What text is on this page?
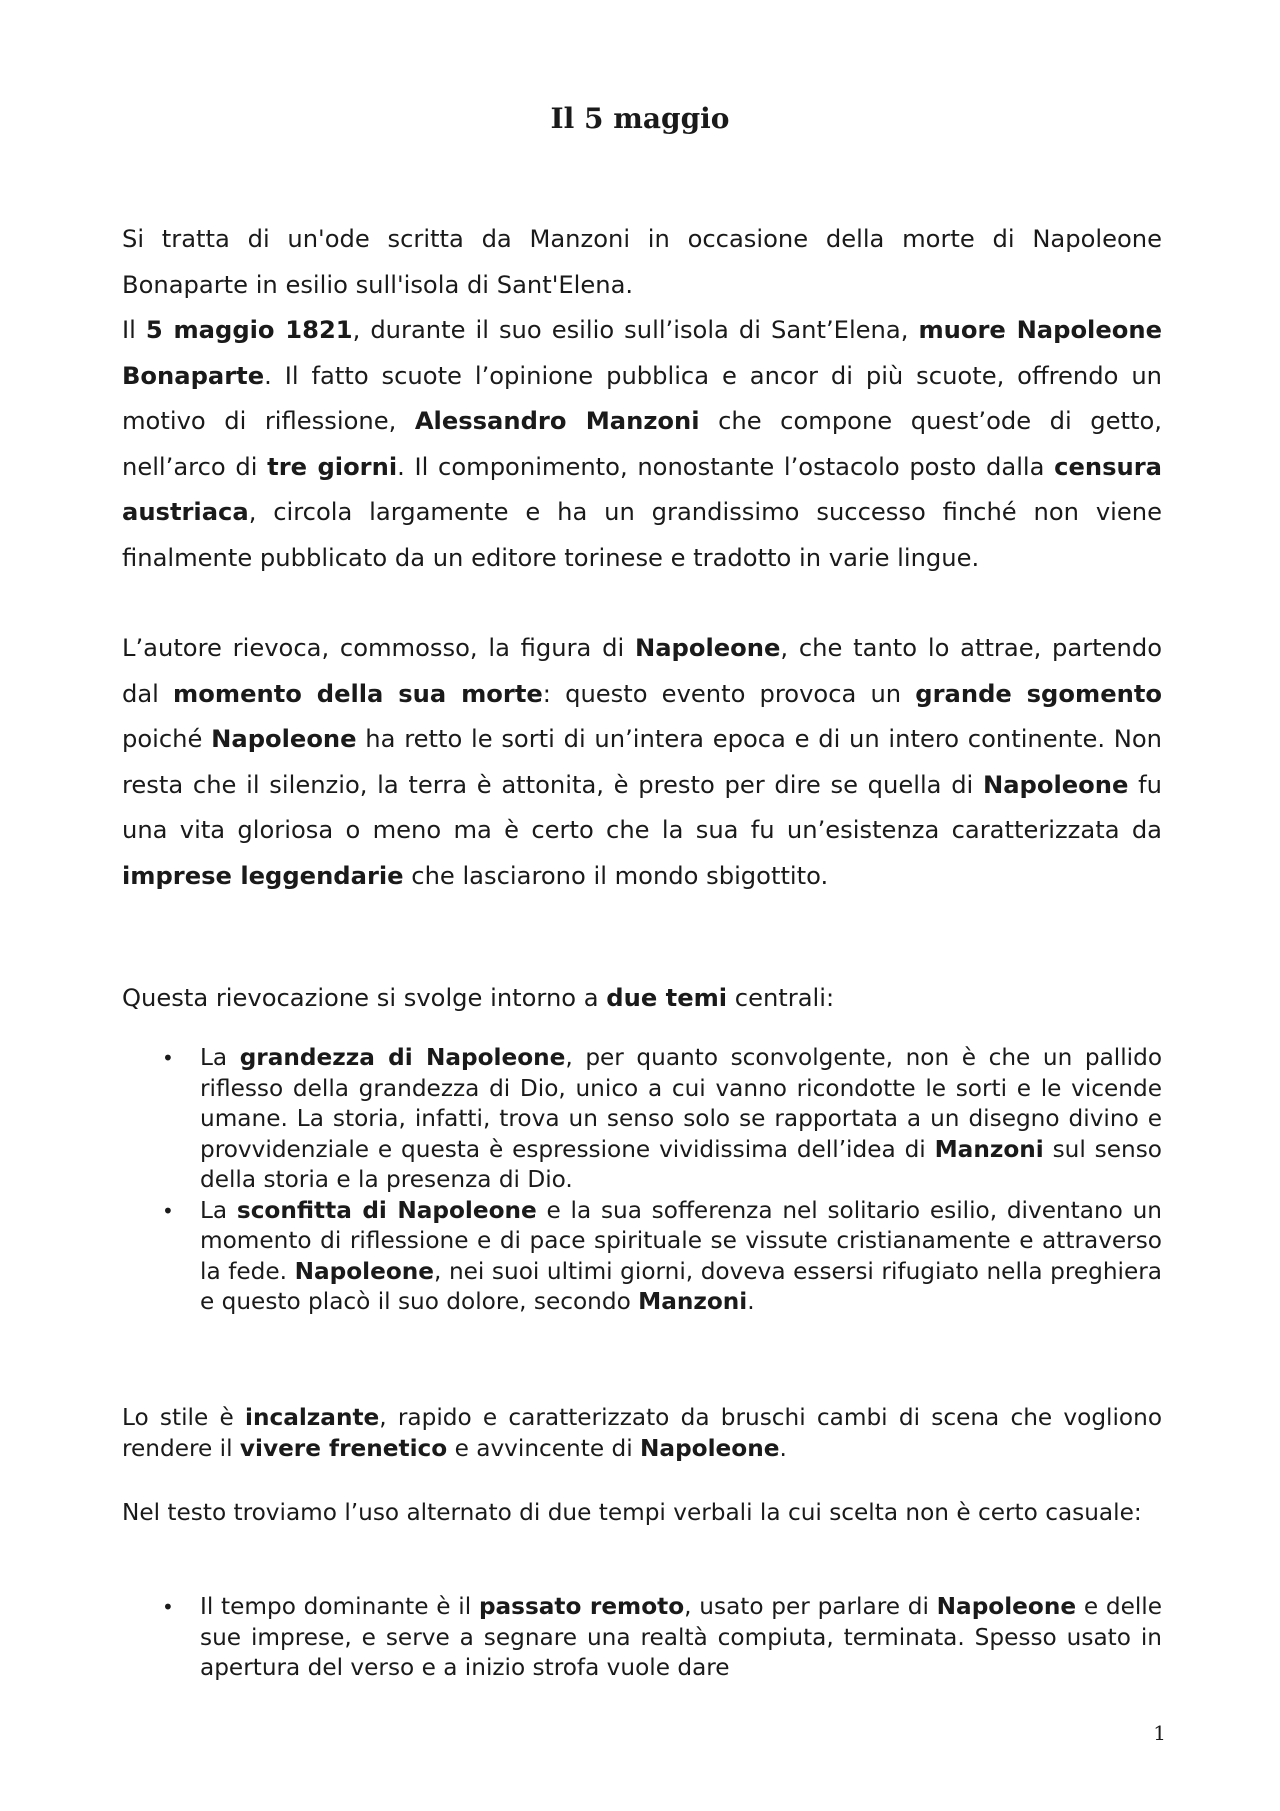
Il 5 maggio

Si tratta di un'ode scritta da Manzoni in occasione della morte di Napoleone Bonaparte in esilio sull'isola di Sant'Elena.

Il 5 maggio 1821, durante il suo esilio sull’isola di Sant’Elena, muore Napoleone Bonaparte. Il fatto scuote l’opinione pubblica e ancor di più scuote, offrendo un motivo di riflessione, Alessandro Manzoni che compone quest’ode di getto, nell’arco di tre giorni. Il componimento, nonostante l’ostacolo posto dalla censura austriaca, circola largamente e ha un grandissimo successo finché non viene finalmente pubblicato da un editore torinese e tradotto in varie lingue.

L’autore rievoca, commosso, la figura di Napoleone, che tanto lo attrae, partendo dal momento della sua morte: questo evento provoca un grande sgomento poiché Napoleone ha retto le sorti di un’intera epoca e di un intero continente. Non resta che il silenzio, la terra è attonita, è presto per dire se quella di Napoleone fu una vita gloriosa o meno ma è certo che la sua fu un’esistenza caratterizzata da imprese leggendarie che lasciarono il mondo sbigottito.

Questa rievocazione si svolge intorno a due temi centrali:

• La grandezza di Napoleone, per quanto sconvolgente, non è che un pallido riflesso della grandezza di Dio, unico a cui vanno ricondotte le sorti e le vicende umane. La storia, infatti, trova un senso solo se rapportata a un disegno divino e provvidenziale e questa è espressione vividissima dell’idea di Manzoni sul senso della storia e la presenza di Dio.
• La sconfitta di Napoleone e la sua sofferenza nel solitario esilio, diventano un momento di riflessione e di pace spirituale se vissute cristianamente e attraverso la fede. Napoleone, nei suoi ultimi giorni, doveva essersi rifugiato nella preghiera e questo placò il suo dolore, secondo Manzoni.

Lo stile è incalzante, rapido e caratterizzato da bruschi cambi di scena che vogliono rendere il vivere frenetico e avvincente di Napoleone.

Nel testo troviamo l’uso alternato di due tempi verbali la cui scelta non è certo casuale:

• Il tempo dominante è il passato remoto, usato per parlare di Napoleone e delle sue imprese, e serve a segnare una realtà compiuta, terminata. Spesso usato in apertura del verso e a inizio strofa vuole dare
1
